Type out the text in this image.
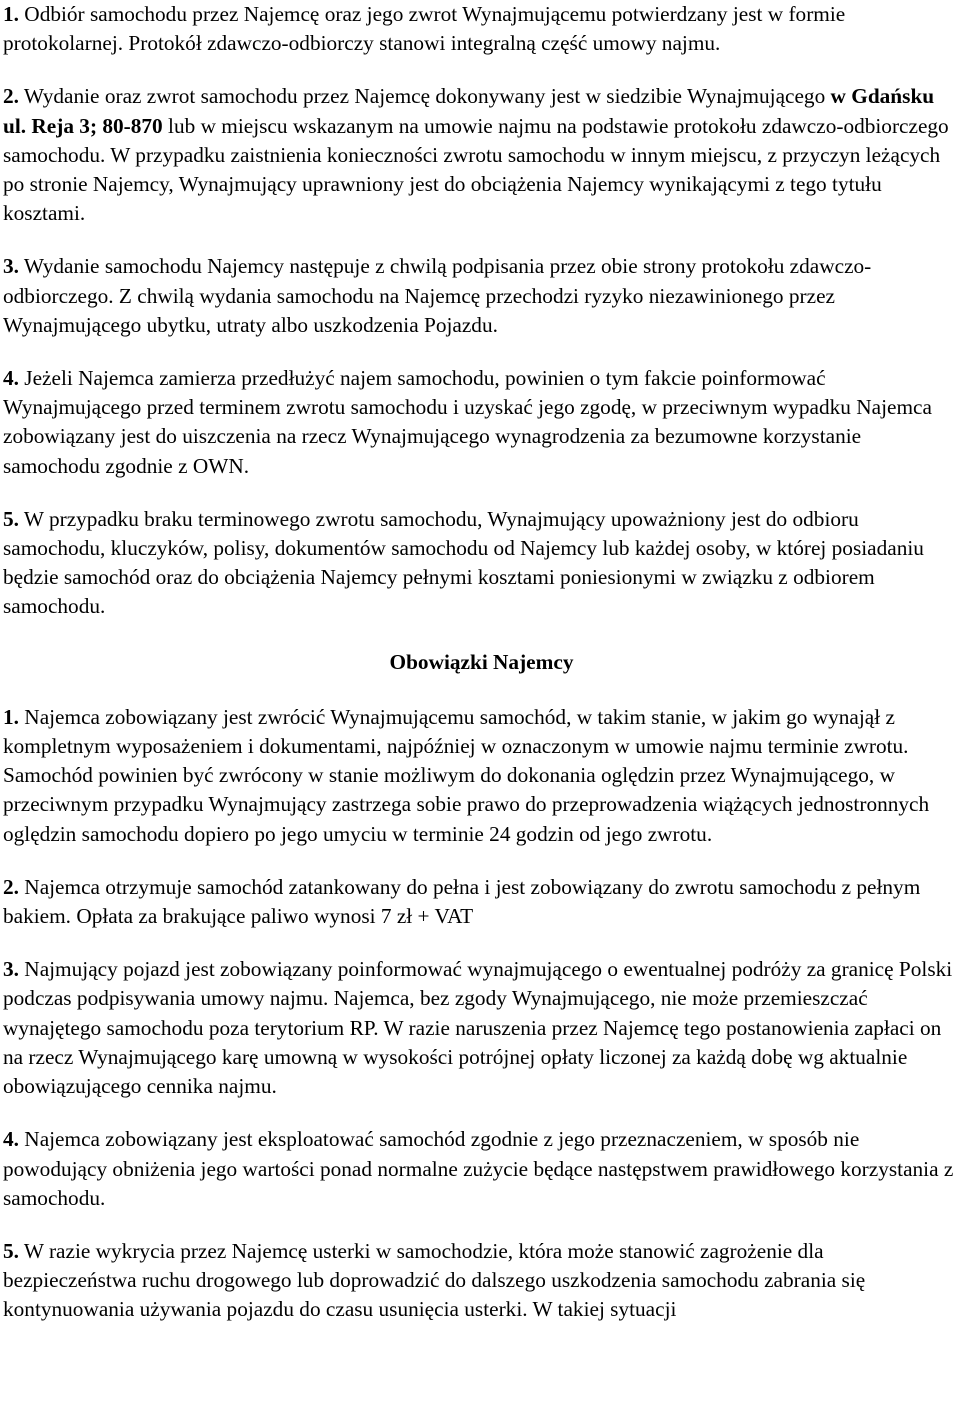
1. Odbiór samochodu przez Najemcę oraz jego zwrot Wynajmującemu potwierdzany jest w formie protokolarnej. Protokół zdawczo-odbiorczy stanowi integralną część umowy najmu.

2. Wydanie oraz zwrot samochodu przez Najemcę dokonywany jest w siedzibie Wynajmującego w Gdańsku ul. Reja 3; 80-870 lub w miejscu wskazanym na umowie najmu na podstawie protokołu zdawczo-odbiorczego samochodu. W przypadku zaistnienia konieczności zwrotu samochodu w innym miejscu, z przyczyn leżących po stronie Najemcy, Wynajmujący uprawniony jest do obciążenia Najemcy wynikającymi z tego tytułu kosztami.

3. Wydanie samochodu Najemcy następuje z chwilą podpisania przez obie strony protokołu zdawczo-odbiorczego. Z chwilą wydania samochodu na Najemcę przechodzi ryzyko niezawinionego przez Wynajmującego ubytku, utraty albo uszkodzenia Pojazdu.

4. Jeżeli Najemca zamierza przedłużyć najem samochodu, powinien o tym fakcie poinformować Wynajmującego przed terminem zwrotu samochodu i uzyskać jego zgodę, w przeciwnym wypadku Najemca zobowiązany jest do uiszczenia na rzecz Wynajmującego wynagrodzenia za bezumowne korzystanie samochodu zgodnie z OWN.

5. W przypadku braku terminowego zwrotu samochodu, Wynajmujący upoważniony jest do odbioru samochodu, kluczyków, polisy, dokumentów samochodu od Najemcy lub każdej osoby, w której posiadaniu będzie samochód oraz do obciążenia Najemcy pełnymi kosztami poniesionymi w związku z odbiorem samochodu.

Obowiązki Najemcy

1. Najemca zobowiązany jest zwrócić Wynajmującemu samochód, w takim stanie, w jakim go wynajął z kompletnym wyposażeniem i dokumentami, najpóźniej w oznaczonym w umowie najmu terminie zwrotu. Samochód powinien być zwrócony w stanie możliwym do dokonania oględzin przez Wynajmującego, w przeciwnym przypadku Wynajmujący zastrzega sobie prawo do przeprowadzenia wiążących jednostronnych oględzin samochodu dopiero po jego umyciu w terminie 24 godzin od jego zwrotu.

2. Najemca otrzymuje samochód zatankowany do pełna i jest zobowiązany do zwrotu samochodu z pełnym bakiem. Opłata za brakujące paliwo wynosi 7 zł + VAT

3. Najmujący pojazd jest zobowiązany poinformować wynajmującego o ewentualnej podróży za granicę Polski podczas podpisywania umowy najmu. Najemca, bez zgody Wynajmującego, nie może przemieszczać wynajętego samochodu poza terytorium RP. W razie naruszenia przez Najemcę tego postanowienia zapłaci on na rzecz Wynajmującego karę umowną w wysokości potrójnej opłaty liczonej za każdą dobę wg aktualnie obowiązującego cennika najmu.

4. Najemca zobowiązany jest eksploatować samochód zgodnie z jego przeznaczeniem, w sposób nie powodujący obniżenia jego wartości ponad normalne zużycie będące następstwem prawidłowego korzystania z samochodu.

5. W razie wykrycia przez Najemcę usterki w samochodzie, która może stanowić zagrożenie dla bezpieczeństwa ruchu drogowego lub doprowadzić do dalszego uszkodzenia samochodu zabrania się kontynuowania używania pojazdu do czasu usunięcia usterki. W takiej sytuacji
